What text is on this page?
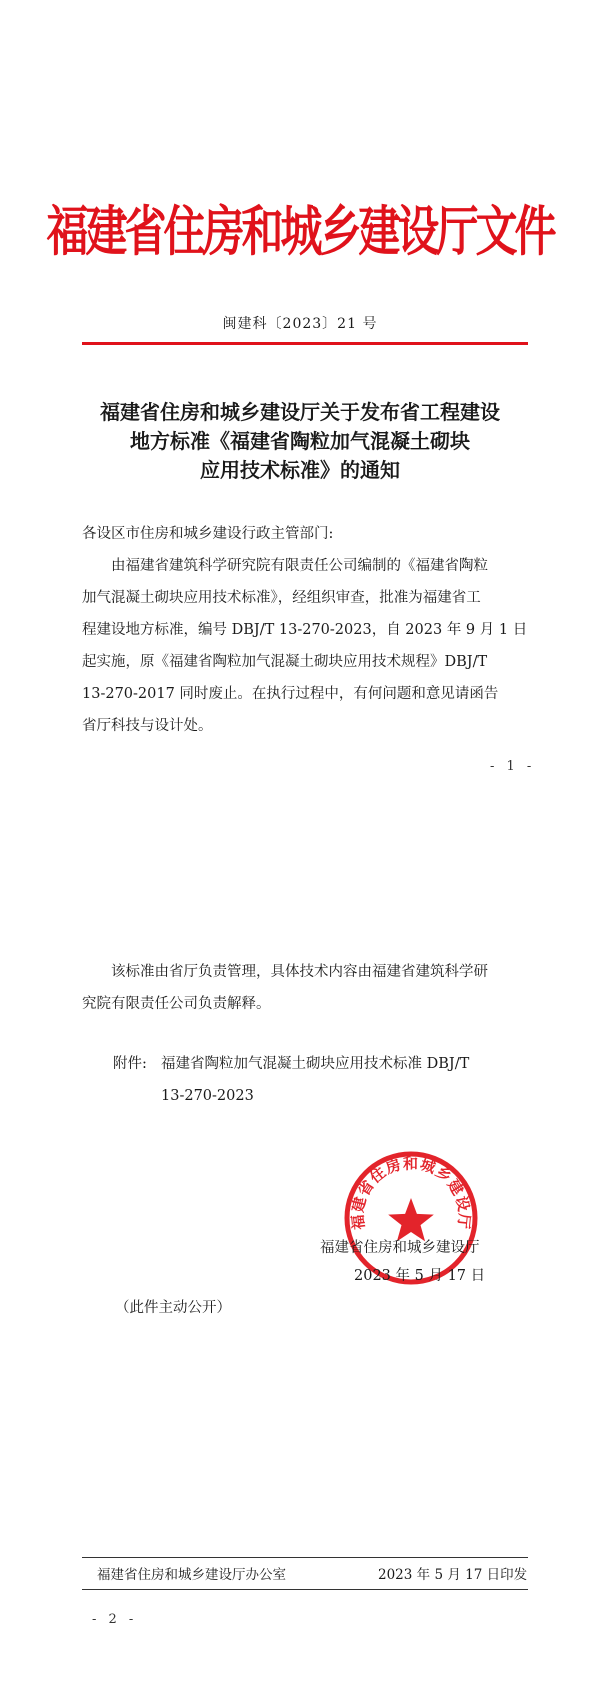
福建省住房和城乡建设厅文件
闽建科〔2023〕21 号
福建省住房和城乡建设厅关于发布省工程建设
地方标准《福建省陶粒加气混凝土砌块
应用技术标准》的通知

各设区市住房和城乡建设行政主管部门:

由福建省建筑科学研究院有限责任公司编制的《福建省陶粒
加气混凝土砌块应用技术标准》，经组织审查，批准为福建省工
程建设地方标准，编号 DBJ/T 13-270-2023，自 2023 年 9 月 1 日
起实施，原《福建省陶粒加气混凝土砌块应用技术规程》DBJ/T
13-270-2017 同时废止。在执行过程中，有何问题和意见请函告
省厅科技与设计处。

- 1 -

该标准由省厅负责管理，具体技术内容由福建省建筑科学研
究院有限责任公司负责解释。

附件: 福建省陶粒加气混凝土砌块应用技术标准 DBJ/T
13-270-2023
福建省住房和城乡建设厅
福建省住房和城乡建设厅
2023 年 5 月 17 日
（此件主动公开）
福建省住房和城乡建设厅办公室	2023 年 5 月 17 日印发
- 2 -
